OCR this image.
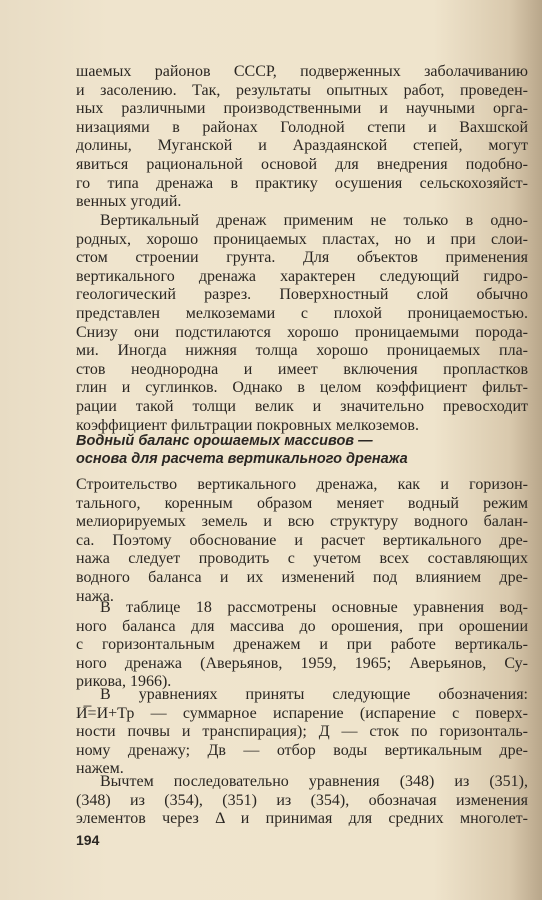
шаемых районов СССР, подверженных заболачиванию
и засолению. Так, результаты опытных работ, проведен-
ных различными производственными и научными орга-
низациями в районах Голодной степи и Вахшской
долины, Муганской и Араздаянской степей, могут
явиться рациональной основой для внедрения подобно-
го типа дренажа в практику осушения сельскохозяйст-
венных угодий.
Вертикальный дренаж применим не только в одно-
родных, хорошо проницаемых пластах, но и при слои-
стом строении грунта. Для объектов применения
вертикального дренажа характерен следующий гидро-
геологический разрез. Поверхностный слой обычно
представлен мелкоземами с плохой проницаемостью.
Снизу они подстилаются хорошо проницаемыми порода-
ми. Иногда нижняя толща хорошо проницаемых пла-
стов неоднородна и имеет включения пропластков
глин и суглинков. Однако в целом коэффициент фильт-
рации такой толщи велик и значительно превосходит
коэффициент фильтрации покровных мелкоземов.
Водный баланс орошаемых массивов —
основа для расчета вертикального дренажа
Строительство вертикального дренажа, как и горизон-
тального, коренным образом меняет водный режим
мелиорируемых земель и всю структуру водного балан-
са. Поэтому обоснование и расчет вертикального дре-
нажа следует проводить с учетом всех составляющих
водного баланса и их изменений под влиянием дре-
нажа.
В таблице 18 рассмотрены основные уравнения вод-
ного баланса для массива до орошения, при орошении
с горизонтальным дренажем и при работе вертикаль-
ного дренажа (Аверьянов, 1959, 1965; Аверьянов, Су-
рикова, 1966).
В уравнениях приняты следующие обозначения:
И̅=И+Тр — суммарное испарение (испарение с поверх-
ности почвы и транспирация); Д — сток по горизонталь-
ному дренажу; Дв — отбор воды вертикальным дре-
нажем.
Вычтем последовательно уравнения (348) из (351),
(348) из (354), (351) из (354), обозначая изменения
элементов через Δ и принимая для средних многолет-
194
